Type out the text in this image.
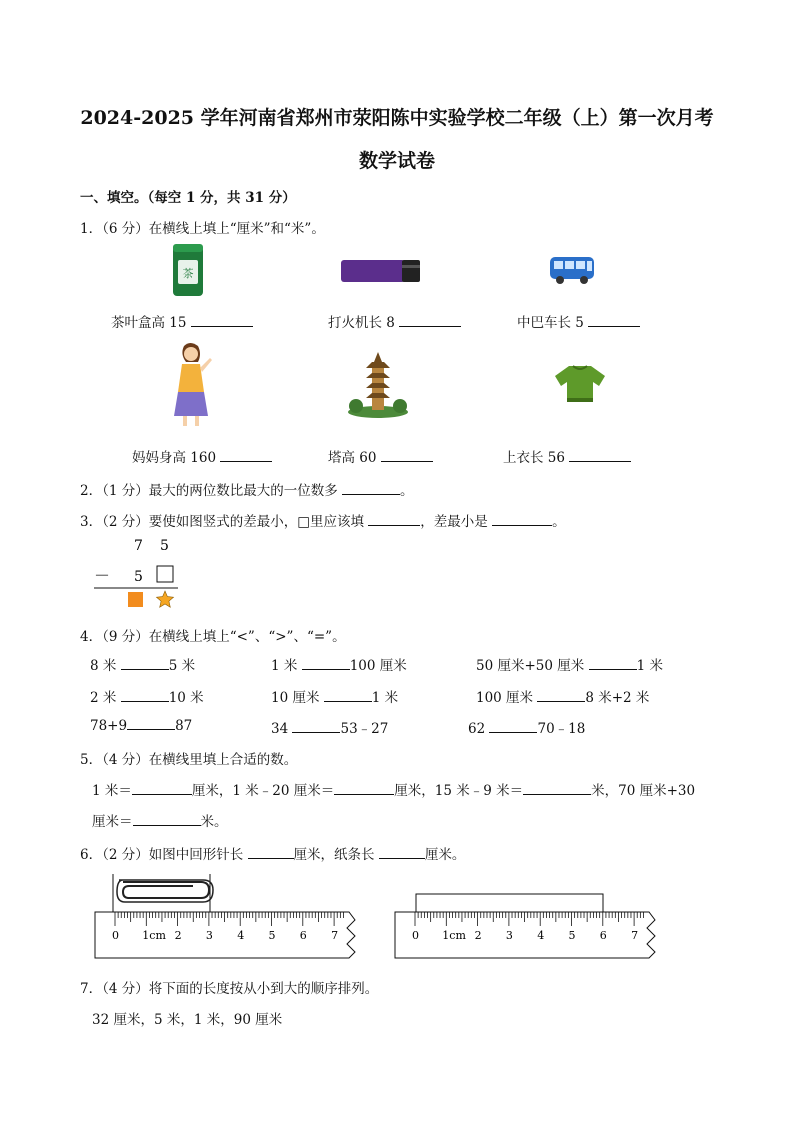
2024-2025 学年河南省郑州市荥阳陈中实验学校二年级（上）第一次月考
数学试卷
一、填空。（每空 1 分，共 31 分）
1．（6 分）在横线上填上“厘米”和“米”。
茶
茶叶盒高 15	打火机长 8	中巴车长 5
妈妈身高 160	塔高 60	上衣长 56
2．（1 分）最大的两位数比最大的一位数多	。
3．（2 分）要使如图竖式的差最小，□里应该填	，差最小是	。
7 5
－ 5
4．（9 分）在横线上填上“<”、“>”、“=”。
8 米	5 米	1 米	100 厘米	50 厘米+50 厘米	1 米
2 米	10 米	10 厘米	1 米	100 厘米	8 米+2 米
78+9	87	34	53﹣27	62	70﹣18
5．（4 分）在横线里填上合适的数。
1 米＝	厘米，1 米﹣20 厘米＝	厘米，15 米﹣9 米＝	米，70 厘米+30
厘米＝	米。
6．（2 分）如图中回形针长	厘米，纸条长	厘米。
0 1cm 2 3 4 5 6 7	0 1cm 2 3 4 5 6 7
7．（4 分）将下面的长度按从小到大的顺序排列。
32 厘米，5 米，1 米，90 厘米
